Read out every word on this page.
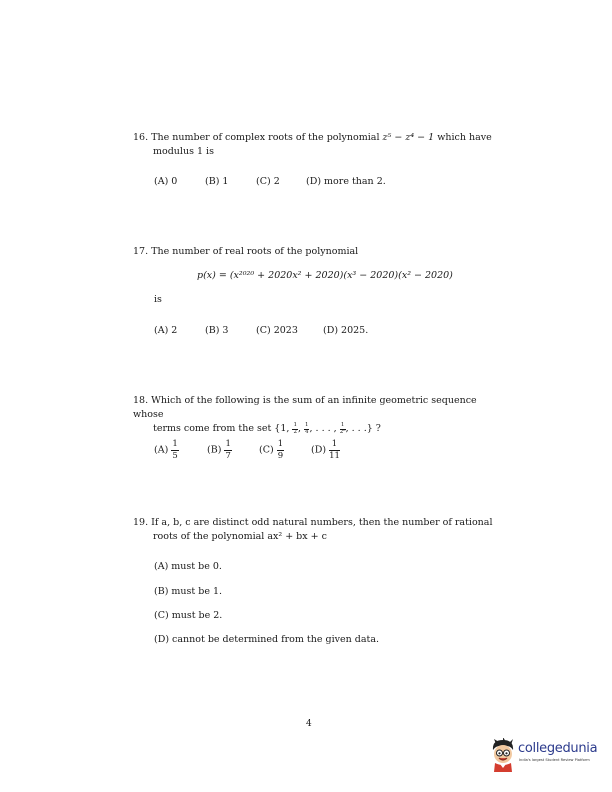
16. The number of complex roots of the polynomial z⁵ − z⁴ − 1 which have

modulus 1 is

(A) 0	(B) 1	(C) 2	(D) more than 2.

17. The number of real roots of the polynomial

p(x) = (x²⁰²⁰ + 2020x² + 2020)(x³ − 2020)(x² − 2020)
is
(A) 2	(B) 3	(C) 2023	(D) 2025.

18. Which of the following is the sum of an infinite geometric sequence whose

terms come from the set {1, $\frac{1}{2}$ , $\frac{1}{4}$ , . . . , $\frac{1}{\text{2ⁿ}}$ , . . .} ?

$(A) \frac{1}{5}$	$(B) \frac{1}{7}$	$(C) \frac{1}{9}$	$(D) \frac{1}{11}$

19. If a, b, c are distinct odd natural numbers, then the number of rational

roots of the polynomial ax² + bx + c

(A) must be 0.
(B) must be 1.
(C) must be 2.
(D) cannot be determined from the given data.
4
collegedunia
India's largest Student Review Platform
